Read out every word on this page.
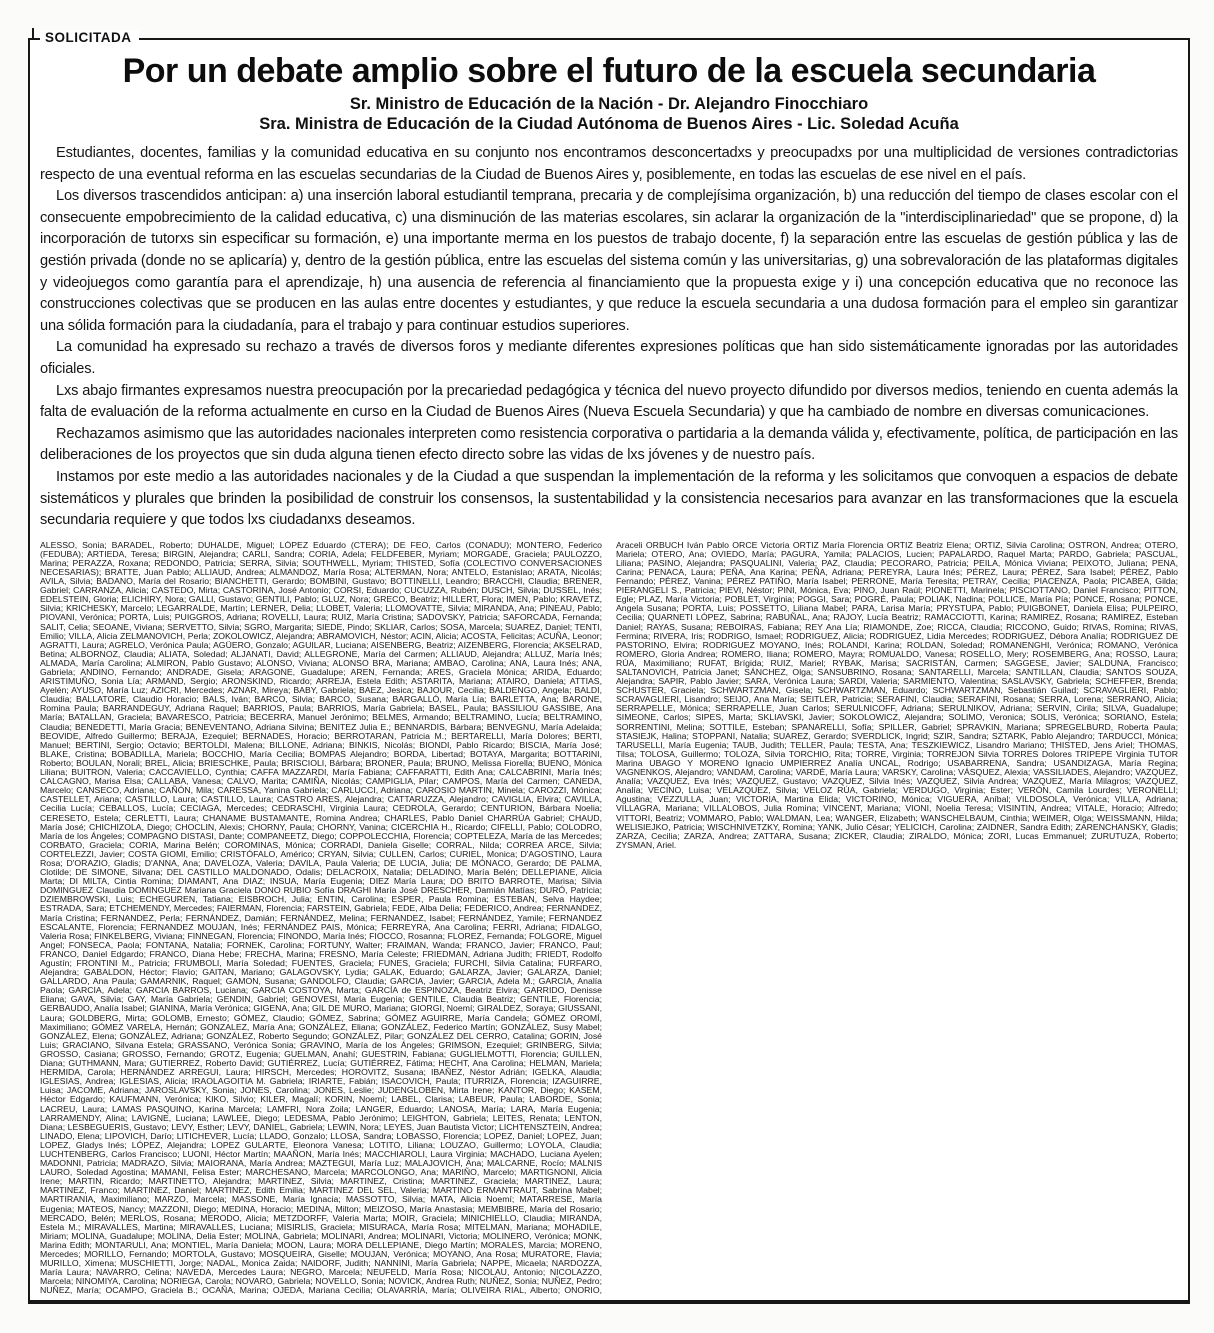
SOLICITADA
Por un debate amplio sobre el futuro de la escuela secundaria
Sr. Ministro de Educación de la Nación - Dr. Alejandro Finocchiaro
Sra. Ministra de Educación de la Ciudad Autónoma de Buenos Aires - Lic. Soledad Acuña

Estudiantes, docentes, familias y la comunidad educativa en su conjunto nos encontramos desconcertadxs y preocupadxs por una multiplicidad de versiones contradictorias respecto de una eventual reforma en las escuelas secundarias de la Ciudad de Buenos Aires y, posiblemente, en todas las escuelas de ese nivel en el país.

Los diversos trascendidos anticipan: a) una inserción laboral estudiantil temprana, precaria y de complejísima organización, b) una reducción del tiempo de clases escolar con el consecuente empobrecimiento de la calidad educativa, c) una disminución de las materias escolares, sin aclarar la organización de la "interdisciplinariedad" que se propone, d) la incorporación de tutorxs sin especificar su formación, e) una importante merma en los puestos de trabajo docente, f) la separación entre las escuelas de gestión pública y las de gestión privada (donde no se aplicaría) y, dentro de la gestión pública, entre las escuelas del sistema común y las universitarias, g) una sobrevaloración de las plataformas digitales y videojuegos como garantía para el aprendizaje, h) una ausencia de referencia al financiamiento que la propuesta exige y i) una concepción educativa que no reconoce las construcciones colectivas que se producen en las aulas entre docentes y estudiantes, y que reduce la escuela secundaria a una dudosa formación para el empleo sin garantizar una sólida formación para la ciudadanía, para el trabajo y para continuar estudios superiores.

La comunidad ha expresado su rechazo a través de diversos foros y mediante diferentes expresiones políticas que han sido sistemáticamente ignoradas por las autoridades oficiales.

Lxs abajo firmantes expresamos nuestra preocupación por la precariedad pedagógica y técnica del nuevo proyecto difundido por diversos medios, teniendo en cuenta además la falta de evaluación de la reforma actualmente en curso en la Ciudad de Buenos Aires (Nueva Escuela Secundaria) y que ha cambiado de nombre en diversas comunicaciones.

Rechazamos asimismo que las autoridades nacionales interpreten como resistencia corporativa o partidaria a la demanda válida y, efectivamente, política, de participación en las deliberaciones de los proyectos que sin duda alguna tienen efecto directo sobre las vidas de lxs jóvenes y de nuestro país.

Instamos por este medio a las autoridades nacionales y de la Ciudad a que suspendan la implementación de la reforma y les solicitamos que convoquen a espacios de debate sistemáticos y plurales que brinden la posibilidad de construir los consensos, la sustentabilidad y la consistencia necesarios para avanzar en las transformaciones que la escuela secundaria requiere y que todos lxs ciudadanxs deseamos.

ALESSO, Sonia; BARADEL, Roberto; DUHALDE, Miguel; LÓPEZ Eduardo (CTERA); DE FEO, Carlos (CONADU); MONTERO, Federico (FEDUBA); ARTIEDA, Teresa; BIRGIN, Alejandra; CARLI, Sandra; CORIA, Adela; FELDFEBER, Myriam; MORGADE, Graciela; PAULOZZO, Marina; PERAZZA, Roxana; REDONDO, Patricia; SERRA, Silvia; SOUTHWELL, Myriam; THISTED, Sofía (COLECTIVO CONVERSACIONES NECESARIAS); BRATTE, Juan Pablo; ALLIAUD, Andrea; ALMANDOZ, María Rosa; ALTERMAN, Nora; ANTELO, Estanislao; ARATA, Nicolás; AVILA, Silvia; BADANO, María del Rosario; BIANCHETTI, Gerardo; BOMBINI, Gustavo; BOTTINELLI, Leandro; BRACCHI, Claudia; BRENER, Gabriel; CARRANZA, Alicia; CASTEDO, Mirta; CASTORINA, José Antonio; CORSI, Eduardo; CUCUZZA, Rubén; DUSCH, Silvia; DUSSEL, Inés; EDELSTEIN, Gloria; ELICHIRY, Nora; GALLI, Gustavo; GENTILI, Pablo; GLUZ, Nora; GRECO, Beatriz; HILLERT, Flora; IMEN, Pablo; KRAVETZ, Silvia; KRICHESKY, Marcelo; LEGARRALDE, Martín; LERNER, Delia; LLOBET, Valeria; LLOMOVATTE, Silvia; MIRANDA, Ana; PINEAU, Pablo; PIOVANI, Verónica; PORTA, Luis; PUIGGROS, Adriana; ROVELLI, Laura; RUIZ, María Cristina; SADOVSKY, Patricia; SAFORCADA, Fernanda; SALIT, Celia; SEOANE, Viviana; SERVETTO, Silvia; SGRO, Margarita; SIEDE, Pindo; SKLIAR, Carlos; SOSA, Marcela; SUAREZ, Daniel; TENTI, Emilio; VILLA, Alicia ZELMANOVICH, Perla; ZOKOLOWICZ, Alejandra; ABRAMOVICH, Néstor; ACIN, Alicia; ACOSTA, Felicitas; ACUÑA, Leonor; AGRATTI, Laura; AGRELO, Verónica Paula; AGÜERO, Gonzalo; AGUILAR, Luciana; AISENBERG, Beatriz; AIZENBERG, Florencia; AKSELRAD, Betina; ALBORNOZ, Claudia; ALIATA, Soledad; ALJANATI, David; ALLEGRONE, María del Carmen; ALLIAUD, Alejandra; ALLUZ, María Inés; ALMADA, María Carolina; ALMIRON, Pablo Gustavo; ALONSO, Viviana; ALONSO BRA, Mariana; AMBAO, Carolina; ANA, Laura Inés; ANA, Gabriela; ANDINO, Fernando; ANDRADE, Gisela; ARAGONE, Guadalupe; AREN, Fernanda; ARES, Graciela Mónica; ARIDA, Eduardo; ARISTIMUÑO, Sonia Lía; ARMAND, Sergio; ARONSKIND, Ricardo; ARREJA, Estela Edith; ASTARITA, Mariana; ATAIRO, Daniela; ATTIAS, Ayelén; AYUSO, María Luz; AZICRI, Mercedes; AZNAR, Mireya; BABY, Gabriela; BAEZ, Jesica; BAJOUR, Cecilia; BALDENGO, Angela; BALDI, Claudia; BALLATORE, Claudio Horacio; BALS, Iván; BARCO, Silvia; BARCO, Susana; BARGALLÓ, María Lía; BARLETTA, Ana; BARONE, Romina Paula; BARRANDEGUY, Adriana Raquel; BARRIOS, Paula; BARRIOS, María Gabriela; BASEL, Paula; BASSILIOU GASSIBE, Ana María; BATALLAN, Graciela; BAVARESCO, Patricia; BECERRA, Manuel Jerónimo; BELMES, Armando; BELTRAMINO, Lucía; BELTRAMINO, Claudia; BENEDETTI, María Gracia; BENEVENTANO, Adriana Silvina; BENITEZ Julia E.; BENNARDIS, Bárbara; BENVEGNU, María Adelaida; BEOVIDE, Alfredo Guillermo; BERAJA, Ezequiel; BERNADES, Horacio; BERROTARAN, Patricia M.; BERTARELLI, María Dolores; BERTI, Manuel; BERTINI, Sergio; Octavio; BERTOLDI, Malena; BILLONE, Adriana; BINKIS, Nicolás; BIONDI, Pablo Ricardo; BISCIA, María José; BLAKE, Cristina; BOBADILLA, Mariela; BOCCHIO, María Cecilia; BOMPAS Alejandro; BORDA, Libertad; BOTAYA, Margarita; BOTTARINI, Roberto; BOULAN, Norali; BREL, Alicia; BRIESCHKE, Paula; BRISCIOLI, Bárbara; BRONER, Paula; BRUNO, Melissa Fiorella; BUENO, Mónica Liliana; BUITRON, Valeria; CACCAVIELLO, Cynthia; CAFFA MAZZARDI, María Fabiana; CAFFARATTI, Edith Ana; CALCABRINI, María Inés; CALCAGNO, Marisa Elsa; CALLABA, Vanesa; CALVO, Marita; CAMIÑA, Nicolás; CAMPIGLIA, Pilar; CAMPOS, María del Carmen; CANEDA, Marcelo; CANSECO, Adriana; CAÑÓN, Mila; CARESSA, Yanina Gabriela; CARLUCCI, Adriana; CAROSIO MARTIN, Minela; CAROZZI, Mónica; CASTELLET, Ariana; CASTILLO, Laura; CASTILLO, Laura; CASTRO ARES, Alejandra; CATTARUZZA, Alejandro; CAVIGLIA, Elvira; CAVILLA, Cecilia Lucía; CEBALLOS, Lucía; CECIAGA, Mercedes; CEDRASCHI, Virginia Laura; CEDROLA, Gerardo; CENTURION, Bárbara Noelia; CERESETO, Estela; CERLETTI, Laura; CHANAME BUSTAMANTE, Romina Andrea; CHARLES, Pablo Daniel CHARRÚA Gabriel; CHAUD, María José; CHICHIZOLA, Diego; CHOCLIN, Alexis; CHORNY, Paula; CHORNY, Vanina; CICERCHIA H., Ricardo; CIFELLI, Pablo; COLODRO, María de los Ángeles; COMPAGNO DISTASI, Dante; COMPANEETZ, Diego; COPPOLECCHIA, Florencia; COPTELEZA, María de las Mercedes; CORBATO, Graciela; CORIA, Marina Belén; COROMINAS, Mónica; CORRADI, Daniela Giselle; CORRAL, Nilda; CORREA ARCE, Silvia; CORTELEZZI, Javier; COSTA GIOMI, Emilio; CRISTÓFALO, Américo; CRYAN, Silvia; CULLEN, Carlos; CURIEL, Monica; D'AGOSTINO, Laura Rosa; D'ORAZIO, Gladis; D'ANNA, Ana; DAVELOZA, Valeria; DAVILA, Paula Valeria; DE LUCIA, Julia; DE MÓNACO, Gerardo; DE PALMA, Clotilde; DE SIMONE, Silvana; DEL CASTILLO MALDONADO, Odalis; DELACROIX, Natalia; DELADINO, María Belén; DELLEPIANE, Alicia Marta; DI MILTA, Cintia Romina; DIAMANT, Ana DIAZ; INSUA, María Eugenia; DIEZ María Laura; DO BRITO BARROTE, Marisa; Silvia DOMINGUEZ Claudia DOMINGUEZ Mariana Graciela DONO RUBIO Sofía DRAGHI María José DRESCHER, Damián Matías; DURÓ, Patricia; DZIEMBROWSKI, Luis; ECHEGUREN, Tatiana; EISBROCH, Julia; ENTIN, Carolina; ESPER, Paula Romina; ESTEBAN, Selva Haydee; ESTRADA, Sara; ETCHEMENDY, Mercedes; FAIERMAN, Florencia; FARSTEIN, Gabriela; FEDE, Alba Delia; FEDERICO, Andrea; FERNANDEZ, María Cristina; FERNANDEZ, Perla; FERNÁNDEZ, Damián; FERNÁNDEZ, Melina; FERNANDEZ, Isabel; FERNÁNDEZ, Yamile; FERNANDEZ ESCALANTE, Florencia; FERNANDEZ MOUJAN, Inés; FERNÁNDEZ PAIS, Mónica; FERREYRA, Ana Carolina; FERRI, Adriana; FIDALGO, Valeria Rosa; FINKELBERG, Viviana; FINNEGAN, Florencia; FINONDO, María Inés; FIOCCO, Rosanna; FLOREZ, Fernanda; FOLGORE, Miguel Angel; FONSECA, Paola; FONTANA, Natalia; FORNEK, Carolina; FORTUNY, Walter; FRAIMAN, Wanda; FRANCO, Javier; FRANCO, Paul; FRANCO, Daniel Edgardo; FRANCO, Diana Hebe; FRECHA, Marina; FRESNO, María Celeste; FRIEDMAN, Adriana Judith; FRIEDT, Rodolfo Agustín; FRONTINI M., Patricia; FRUMBOLI, María Soledad; FUENTES, Graciela; FUNES, Graciela; FURCHI, Silvia Catalina; FURFARO, Alejandra; GABALDON, Héctor; Flavio; GAITAN, Mariano; GALAGOVSKY, Lydia; GALAK, Eduardo; GALARZA, Javier; GALARZA, Daniel; GALLARDO, Ana Paula; GAMARNIK, Raquel; GAMON, Susana; GANDOLFO, Claudia; GARCIA, Javier; GARCIA, Adela M.; GARCIA, Analía Paola; GARCIA, Adela; GARCIA BARROS, Luciana; GARCIA COSTOYA, Marta; GARCÍA de ESPINOZA, Beatriz Elvira; GARRIDO, Denisse Eliana; GAVA, Silvia; GAY, María Gabriela; GENDIN, Gabriel; GENOVESI, María Eugenia; GENTILE, Claudia Beatriz; GENTILE, Florencia; GERBAUDO, Analía Isabel; GIANINA, María Verónica; GIGENA, Ana; GIL DE MURO, Mariana; GIORGI, Noemí; GIRALDEZ, Soraya; GIUSSANI, Laura; GOLDBERG, Mirta; GOLOMB, Ernesto; GÓMEZ, Claudio; GÓMEZ, Sabrina; GÓMEZ AGUIRRE, María Candela; GÓMEZ OROMÍ, Maximiliano; GÓMEZ VARELA, Hernán; GONZALEZ, María Ana; GONZÁLEZ, Eliana; GONZÁLEZ, Federico Martín; GONZÁLEZ, Susy Mabel; GONZÁLEZ, Elena; GONZÁLEZ, Adriana; GONZÁLEZ, Roberto Segundo; GONZÁLEZ, Pilar; GONZÁLEZ DEL CERRO, Catalina; GORIN, José Luis; GRACIANO, Silvana Estela; GRASSANO, Verónica Sonia; GRAVINO, María de los Ángeles; GRIMSON, Ezequiel; GRINBERG, Silvia; GROSSO, Casiana; GROSSO, Fernando; GROTZ, Eugenia; GUELMAN, Anahí; GUESTRIN, Fabiana; GUGLIELMOTTI, Florencia; GUILLEN, Diana; GUTHMANN, Mara; GUTIERREZ, Roberto David; GUTIÉRREZ, Lucía; GUTIÉRREZ, Fátima; HECHT, Ana Carolina; HELMAN, Mariela; HERMIDA, Carola; HERNÁNDEZ ARREGUI, Laura; HIRSCH, Mercedes; HOROVITZ, Susana; IBAÑEZ, Néstor Adrián; IGELKA, Alaudia; IGLESIAS, Andrea; IGLESIAS, Alicia; IRAOLAGOITIA M. Gabriela; IRIARTE, Fabián; ISACOVICH, Paula; ITURRIZA, Florencia; IZAGUIRRE, Luisa; JACOME, Adriana; JAROSLAVSKY, Sonia; JONES, Carolina; JONES, Leslie; JUDENGLOBEN, Mirta Irene; KANTOR, Diego; KASEM, Héctor Edgardo; KAUFMANN, Verónica; KIKO, Silvio; KILER, Magalí; KORIN, Noemí; LABEL, Clarisa; LABEUR, Paula; LABORDE, Sonia; LACREU, Laura; LAMAS PASQUINO, Karina Marcela; LAMFRI, Nora Zoila; LANGER, Eduardo; LANOSA, María; LARA, María Eugenia; LARRAMENDY, Alina; LAVIGNE, Luciana; LAWLEE, Diego; LEDESMA, Pablo Jerónimo; LEIGHTON, Gabriela; LEITES, Renata; LENTON, Diana; LESBEGUERIS, Gustavo; LEVY, Esther; LEVY, DANIEL, Gabriela; LEWIN, Nora; LEYES, Juan Bautista Victor; LICHTENSZTEIN, Andrea; LINADO, Elena; LIPOVICH, Darío; LITICHEVER, Lucía; LLADO, Gonzalo; LLOSA, Sandra; LOBASSO, Florencia; LOPEZ, Daniel; LOPEZ, Juan; LOPEZ, Gladys Inés; LÓPEZ, Alejandra; LOPEZ GULARTE, Eleonora Vanesa; LOTITO, Liliana; LOUZAO, Guillermo; LOYOLA, Claudia; LUCHTENBERG, Carlos Francisco; LUONI, Héctor Martín; MAAÑON, María Inés; MACCHIAROLI, Laura Virginia; MACHADO, Luciana Ayelen; MADONNI, Patricia; MADRAZO, Silvia; MAIORANA, María Andrea; MAZTEGUI, María Luz; MALAJOVICH, Ana; MALCARNE, Rocío; MALNIS LAURO, Soledad Agostina; MAMANI, Felisa Ester; MARCHESANO, Marcela; MARCOLONGO, Ana; MARIÑO, Marcelo; MARTIGNONI, Alicia Irene; MARTIN, Ricardo; MARTINETTO, Alejandra; MARTINEZ, Silvia; MARTINEZ, Cristina; MARTINEZ, Graciela; MARTINEZ, Laura; MARTINEZ, Franco; MARTINEZ, Daniel; MARTINEZ, Edith Emilia; MARTINEZ DEL SEL, Valeria; MARTINO ERMANTRAUT, Sabrina Mabel; MARTIRANIA, Maximiliano; MARZO, Marcela; MASSONE, María Ignacia; MASSOTTO, Silvia; MATA, Alicia Noemí; MATARRESE, María Eugenia; MATEOS, Nancy; MAZZONI, Diego; MEDINA, Horacio; MEDINA, Milton; MEIZOSO, María Anastasia; MEMBIBRE, María del Rosario; MERCADO, Belén; MERLOS, Rosana; MERODO, Alicia; METZDORFF, Valeria Marta; MOIR, Graciela; MINICHIELLO, Claudia; MIRANDA, Estela M.; MIRAVALLES, Martina; MIRAVALLES, Luciana; MISIRLIS, Graciela; MISURACA, María Rosa; MITELMAN, Mariana; MOHADILE, Miriam; MOLINA, Guadalupe; MOLINA, Delia Ester; MOLINA, Gabriela; MOLINARI, Andrea; MOLINARI, Victoria; MOLINERO, Verónica; MONK, Marina Edith; MONTARULI, Ana; MONTIEL, María Daniela; MOON, Laura; MORA DELLEPIANE, Diego Martín; MORALES, Marcia; MORENO, Mercedes; MORILLO, Fernando; MORTOLA, Gustavo; MOSQUEIRA, Giselle; MOUJAN, Verónica; MOYANO, Ana Rosa; MURATORE, Flavia; MURILLO, Ximena; MUSCHIETTI, Jorge; NADAL, Monica Zaida; NAIDORF, Judith; NANNINI, María Gabriela; NAPPE, Micaela; NARDOZZA, María Laura; NAVARRO, Celina; NAVEDA, Mercedes Laura; NEGRO, Marcela; NEUFELD, María Rosa; NICOLAU, Antonio; NICOLAZZO, Marcela; NINOMIYA, Carolina; NORIEGA, Carola; NOVARO, Gabriela; NOVELLO, Sonia; NOVICK, Andrea Ruth; NUÑEZ, Sonia; NUÑEZ, Pedro; NUÑEZ, María; OCAMPO, Graciela B.; OCAÑA, Marina; OJEDA, Mariana Cecilia; OLAVARRÍA, María; OLIVEIRA RIAL, Alberto; ONORIO, Araceli ORBUCH Iván Pablo ORCE Victoria ORTIZ María Florencia ORTIZ Beatriz Elena; ORTIZ, Silvia Carolina; OSTRON, Andrea; OTERO, Mariela; OTERO, Ana; OVIEDO, María; PAGURA, Yamila; PALACIOS, Lucien; PAPALARDO, Raquel Marta; PARDO, Gabriela; PASCUAL, Liliana; PASINO, Alejandra; PASQUALINI, Valeria; PAZ, Claudia; PECORARO, Patricia; PEILA, Mónica Viviana; PEIXOTO, Juliana; PENA, Carina; PENACA, Laura; PEÑA, Ana Karina; PEÑA, Adriana; PEREYRA, Laura Inés; PÉREZ, Laura; PÉREZ, Sara Isabel; PÉREZ, Pablo Fernando; PÉREZ, Vanina; PÉREZ PATIÑO, María Isabel; PERRONE, María Teresita; PETRAY, Cecilia; PIACENZA, Paola; PICABEA, Gilda; PIERANGELI S., Patricia; PIEVI, Néstor; PINI, Mónica, Eva; PINO, Juan Raúl; PIONETTI, Marinela; PISCIOTTANO, Daniel Francisco; PITTON, Egle; PLAZ, María Victoria; POBLET, Virginia; POGGI, Sara; POGRÉ, Paula; POLIAK, Nadina; POLLICE, María Pía; PONCE, Rosana; PONCE, Angela Susana; PORTA, Luis; POSSETTO, Liliana Mabel; PARA, Larisa María; PRYSTUPA, Pablo; PUIGBONET, Daniela Elisa; PULPEIRO, Cecilia; QUARNETI LÓPEZ, Sabrina; RABUÑAL, Ana; RAJOY, Lucía Beatriz; RAMACCIOTTI, Karina; RAMIREZ, Rosana; RAMIREZ, Esteban Daniel; RAYAS, Susana; REBOIRAS, Fabiana; REY Ana Lía; RIAMONDE, Zoe; RICCA, Claudia; RICCONO, Guido; RIVAS, Romina; RIVAS, Fermina; RIVERA, Iris; RODRIGO, Ismael; RODRIGUEZ, Alicia; RODRIGUEZ, Lidia Mercedes; RODRIGUEZ, Débora Analía; RODRIGUEZ DE PASTORINO, Elvira; RODRIGUEZ MOYANO, Inés; ROLANDI, Karina; ROLDAN, Soledad; ROMANENGHI, Verónica; ROMANO, Verónica ROMERO, Gloria Andrea; ROMERO, Iliana; ROMERO, Mayra; ROMUALDO, Vanesa; ROSELLO, Mery; ROSEMBERG, Ana; ROSSO, Laura; RÚA, Maximiliano; RUFAT, Brígida; RUIZ, Mariel; RYBAK, Marisa; SACRISTÁN, Carmen; SAGGESE, Javier; SALDUNA, Francisco; SALTANOVICH, Patricia Janet; SÁNCHEZ, Olga; SANSUBRINO, Rosana; SANTARELLI, Marcela; SANTILLAN, Claudia; SANTOS SOUZA, Alejandra; SAPIR, Pablo Javier; SARA, Verónica Laura; SARDI, Valeria; SARMIENTO, Valentina; SASLAVSKY, Gabriela; SCHEFFER, Brenda; SCHUSTER, Graciela; SCHWARTZMAN, Gisela; SCHWARTZMAN, Eduardo; SCHWARTZMAN, Sebastián Guilad; SCRAVAGLIERI, Pablo; SCRAVAGLIERI, Lisandro; SEIJO, Ana María; SEITLER, Patricia; SERAFINI, Claudia; SERAFINI, Rosana; SERRA, Lorena; SERRANO, Alicia; SERRAPELLE, Mónica; SERRAPELLE, Juan Carlos; SERULNICOFF, Adriana; SERULNIKOV, Adriana; SERVIN, Cirila; SILVA, Guadalupe; SIMEONE, Carlos; SIPES, Marta; SKLIAVSKI, Javier; SOKOLOWICZ, Alejandra; SOLIMO, Veronica; SOLIS, Verónica; SORIANO, Estela; SORRENTINI, Melina; SOTTILE, Esteban; SPANARELLI, Sofía; SPILLER, Gabriel; SPRAVKIN, Mariana; SPREGELBURD, Roberta Paula; STASIEJK, Halina; STOPPANI, Natalia; SUAREZ, Gerardo; SVERDLICK, Ingrid; SZIR, Sandra; SZTARK, Pablo Alejandro; TARDUCCI, Mónica; TARUSELLI, María Eugenia; TAUB, Judith; TELLER, Paula; TESTA, Ana; TESZKIEWICZ, Lisandro Mariano; THISTED, Jens Ariel; THOMAS, Tilsa; TOLOSA, Guillermo; TOLOZA, Silvia TORCHIO, Rita; TORRE, Virginia; TORREJON Silvia TORRES Dolores TRIPEPE Virginia TUTOR Marina UBAGO Y MORENO Ignacio UMPIERREZ Analía UNCAL, Rodrigo; USABARRENA, Sandra; USANDIZAGA, María Regina; VAGNENKOS, Alejandro; VANDAM, Carolina; VARDÉ, María Laura; VARSKY, Carolina; VÁSQUEZ, Alexia; VASSILIADES, Alejandro; VAZQUEZ, Analía; VAZQUEZ, Eva Inés; VAZQUEZ, Gustavo; VAZQUEZ, Silvia Inés; VAZQUEZ, Silvia Andrea; VAZQUEZ, María Milagros; VAZQUEZ, Analía; VECINO, Luisa; VELAZQUEZ, Silvia; VELOZ RÚA, Gabriela; VERDUGO, Virginia; Ester; VERÓN, Camila Lourdes; VERONELLI; Agustina; VEZZULLA, Juan; VICTORIA, Martina Elida; VICTORINO, Mónica; VIGUERA, Aníbal; VILDOSOLA, Verónica; VILLA, Adriana; VILLAGRA, Mariana; VILLALOBOS, Julia Romina; VINCENT, Mariana; VIONI, Noelia Teresa; VISINTIN, Andrea; VITALE, Horacio; Alfredo; VITTORI, Beatriz; VOMMARO, Pablo; WALDMAN, Lea; WANGER, Elizabeth; WANSCHELBAUM, Cinthia; WEIMER, Olga; WEISSMANN, Hilda; WELISIEJKO, Patricia; WISCHNIVETZKY, Romina; YANK, Julio César; YELICICH, Carolina; ZAIDNER, Sandra Edith; ZARENCHANSKY, Gladis; ZARZA, Cecilia; ZARZA, Andrea; ZATTARA, Susana; ZICKER, Claudia; ZIRALDO, Mónica; ZORI, Lucas Emmanuel; ZURUTUZA, Roberto; ZYSMAN, Ariel.
